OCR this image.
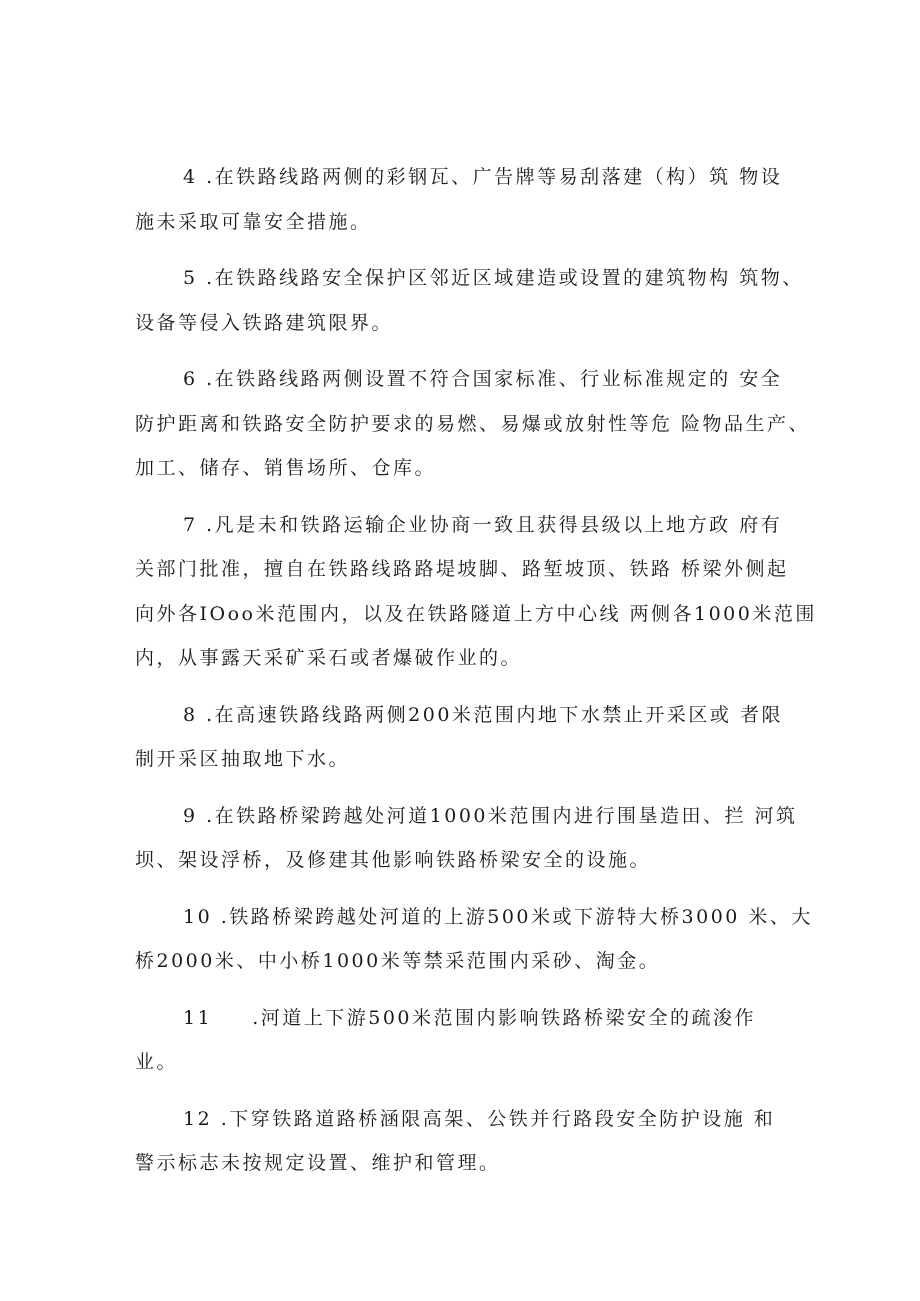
4 .在铁路线路两侧的彩钢瓦、广告牌等易刮落建（构）筑 物设
施未采取可靠安全措施。

5 .在铁路线路安全保护区邻近区域建造或设置的建筑物构 筑物、
设备等侵入铁路建筑限界。

6 .在铁路线路两侧设置不符合国家标准、行业标准规定的 安全
防护距离和铁路安全防护要求的易燃、易爆或放射性等危 险物品生产、
加工、储存、销售场所、仓库。

7 .凡是未和铁路运输企业协商一致且获得县级以上地方政 府有
关部门批准，擅自在铁路线路路堤坡脚、路堑坡顶、铁路 桥梁外侧起
向外各IOoo米范围内，以及在铁路隧道上方中心线 两侧各1000米范围
内，从事露天采矿采石或者爆破作业的。

8 .在高速铁路线路两侧200米范围内地下水禁止开采区或 者限
制开采区抽取地下水。

9 .在铁路桥梁跨越处河道1000米范围内进行围垦造田、拦 河筑
坝、架设浮桥，及修建其他影响铁路桥梁安全的设施。

10 .铁路桥梁跨越处河道的上游500米或下游特大桥3000 米、大
桥2000米、中小桥1000米等禁采范围内采砂、淘金。

11 .河道上下游500米范围内影响铁路桥梁安全的疏浚作
业。

12 .下穿铁路道路桥涵限高架、公铁并行路段安全防护设施 和
警示标志未按规定设置、维护和管理。
